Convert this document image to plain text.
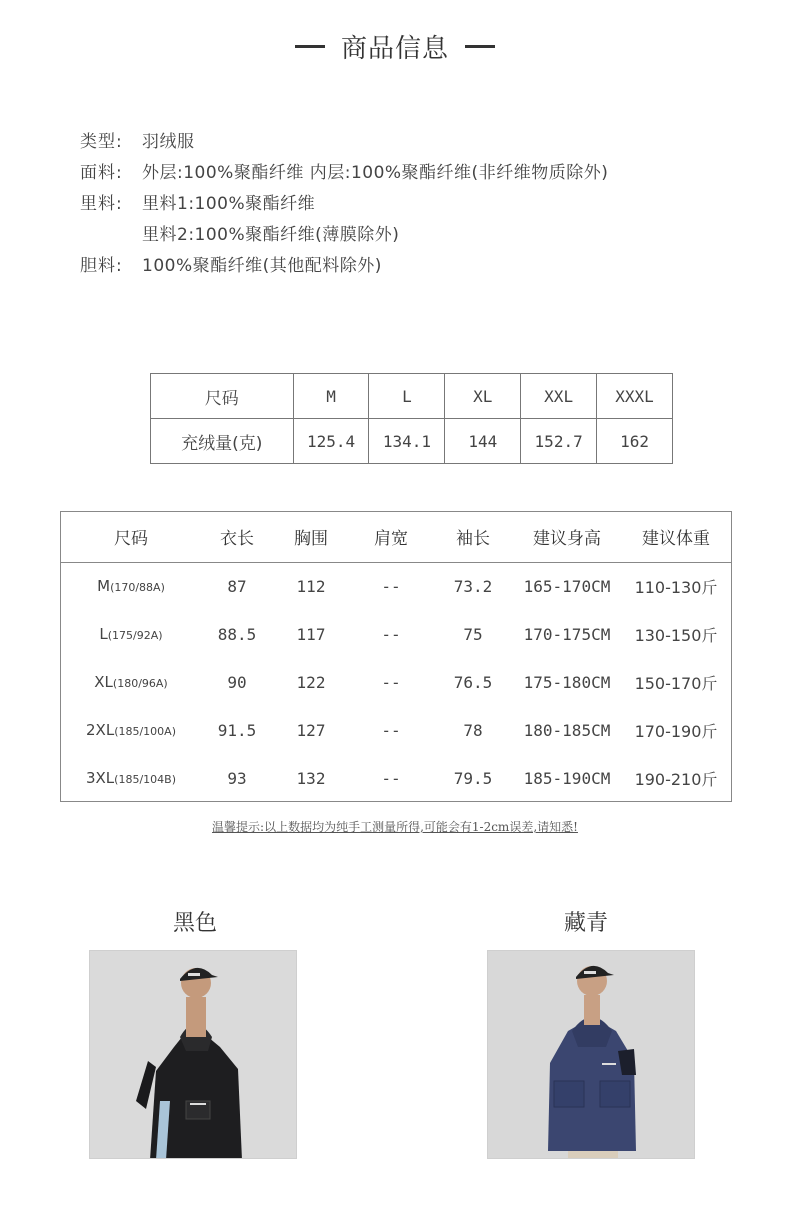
商品信息
类型:	羽绒服
面料:	外层:100%聚酯纤维 内层:100%聚酯纤维(非纤维物质除外)
里料:	里料1:100%聚酯纤维
里料2:100%聚酯纤维(薄膜除外)
胆料:	100%聚酯纤维(其他配料除外)
尺码	M	L	XL	XXL	XXXL
充绒量(克)	125.4	134.1	144	152.7	162
尺码	衣长	胸围	肩宽	袖长	建议身高	建议体重
M(170/88A)	87	112	--	73.2	165-170CM	110-130斤
L(175/92A)	88.5	117	--	75	170-175CM	130-150斤
XL(180/96A)	90	122	--	76.5	175-180CM	150-170斤
2XL(185/100A)	91.5	127	--	78	180-185CM	170-190斤
3XL(185/104B)	93	132	--	79.5	185-190CM	190-210斤
温馨提示:以上数据均为纯手工测量所得,可能会有1-2cm误差,请知悉!
黑色	藏青
